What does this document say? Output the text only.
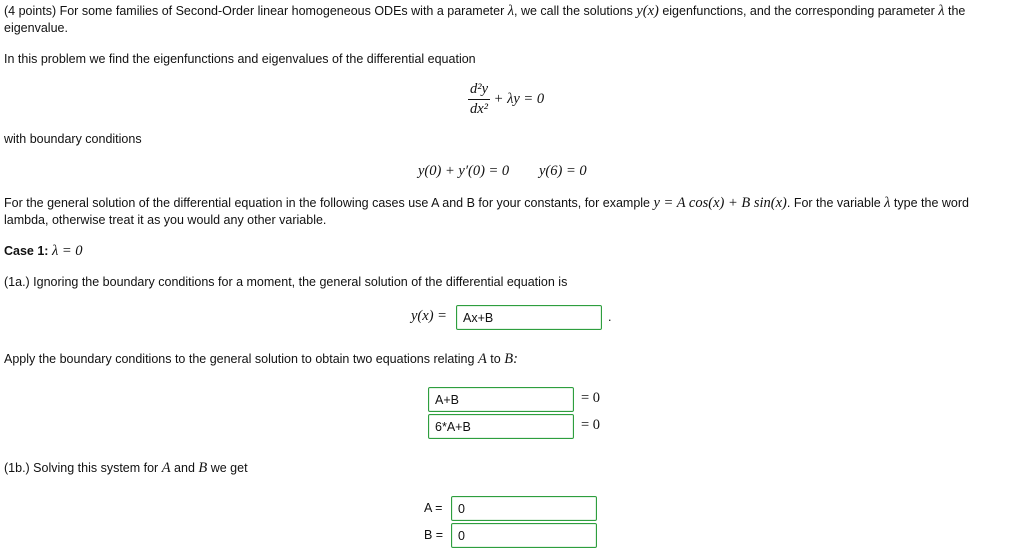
(4 points) For some families of Second-Order linear homogeneous ODEs with a parameter λ, we call the solutions y(x) eigenfunctions, and the corresponding parameter λ the
eigenvalue.
In this problem we find the eigenfunctions and eigenvalues of the differential equation
$\frac{\text{d²y}}{\text{dx²}} + \lambda y = 0$
with boundary conditions
y(0) + y′(0) = 0 y(6) = 0
For the general solution of the differential equation in the following cases use A and B for your constants, for example y = A cos(x) + B sin(x). For the variable λ type the word
lambda, otherwise treat it as you would any other variable.
Case 1: λ = 0
(1a.) Ignoring the boundary conditions for a moment, the general solution of the differential equation is
y(x) =	Ax+B	.
Apply the boundary conditions to the general solution to obtain two equations relating A to B:
A+B	= 0
6*A+B	= 0
(1b.) Solving this system for A and B we get
A =	0
B =	0
